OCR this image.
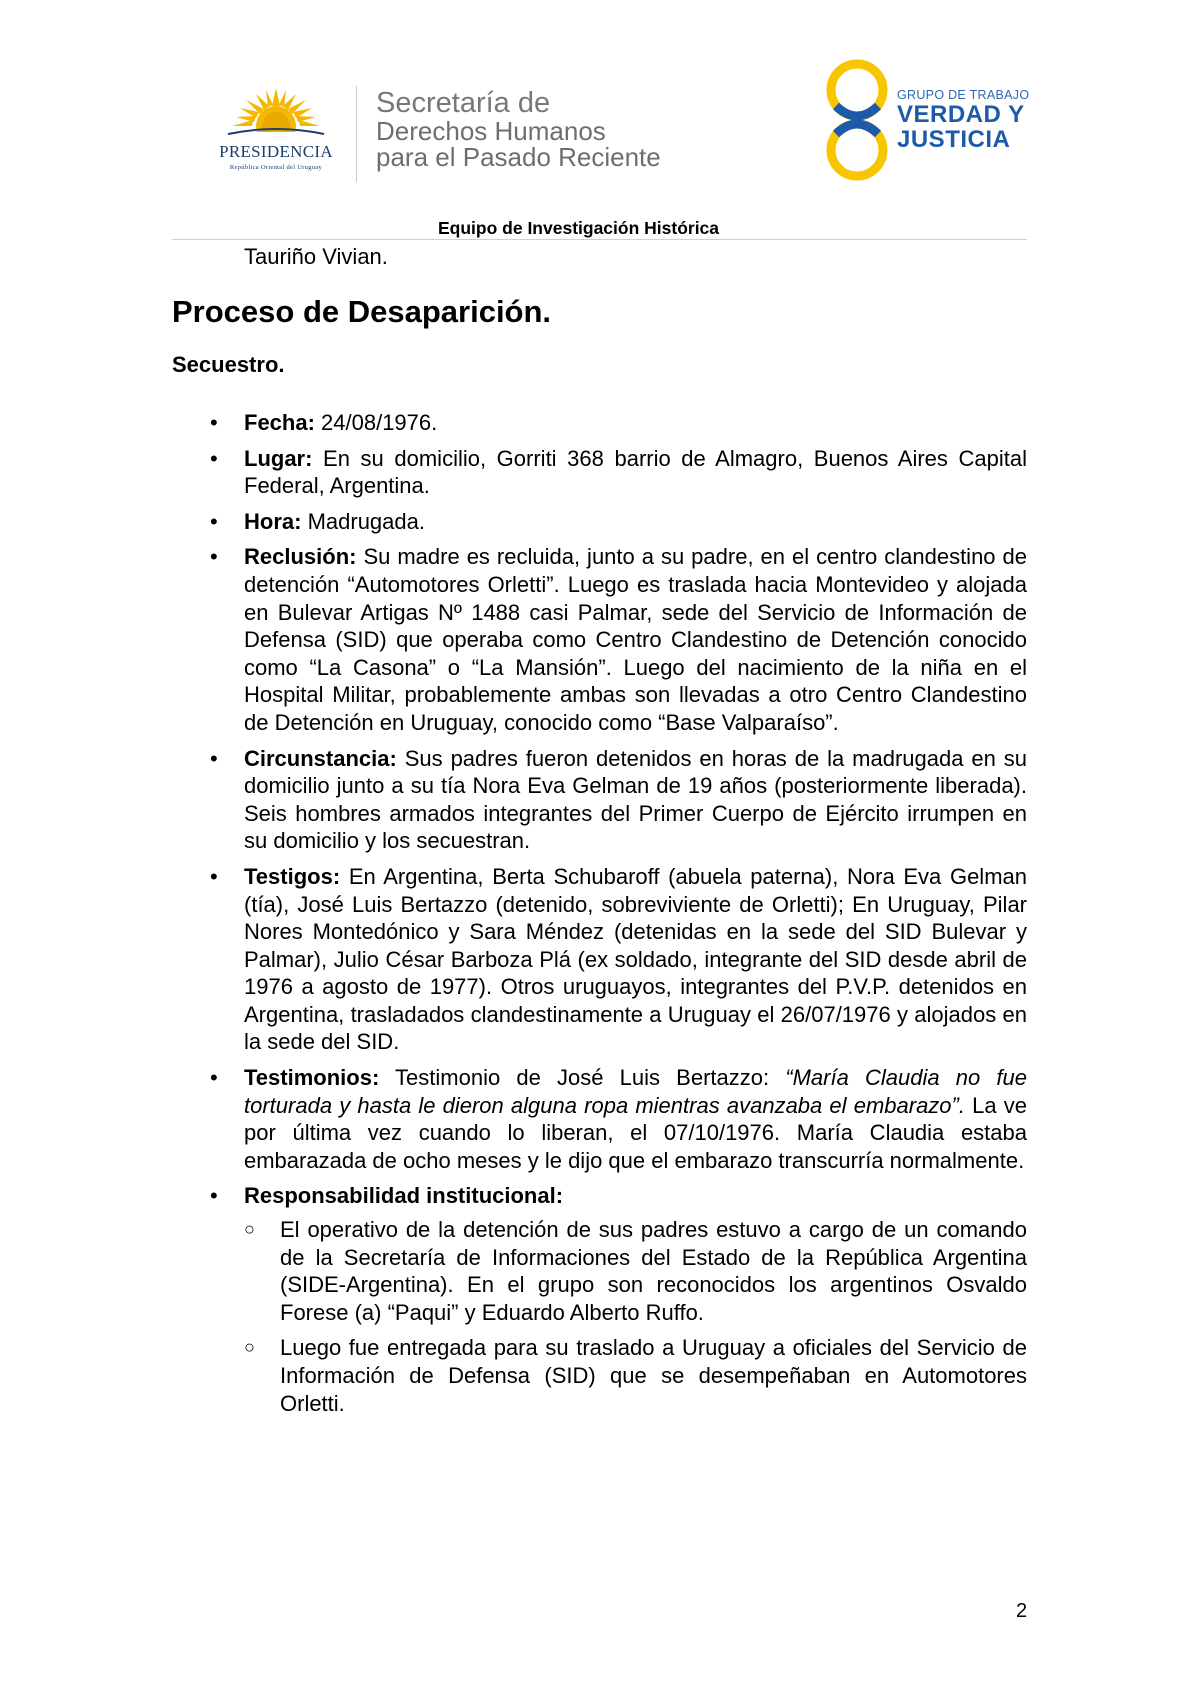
PRESIDENCIA
República Oriental del Uruguay
Secretaría de
Derechos Humanos
para el Pasado Reciente
GRUPO DE TRABAJO
VERDAD Y
JUSTICIA
Equipo de Investigación Histórica
Tauriño Vivian.
Proceso de Desaparición.
Secuestro.
• Fecha: 24/08/1976.
• Lugar: En su domicilio, Gorriti 368 barrio de Almagro, Buenos Aires Capital Federal, Argentina.
• Hora: Madrugada.
• Reclusión: Su madre es recluida, junto a su padre, en el centro clandestino de detención “Automotores Orletti”. Luego es traslada hacia Montevideo y alojada en Bulevar Artigas Nº 1488 casi Palmar, sede del Servicio de Información de Defensa (SID) que operaba como Centro Clandestino de Detención conocido como “La Casona” o “La Mansión”. Luego del nacimiento de la niña en el Hospital Militar, probablemente ambas son llevadas a otro Centro Clandestino de Detención en Uruguay, conocido como “Base Valparaíso”.
• Circunstancia: Sus padres fueron detenidos en horas de la madrugada en su domicilio junto a su tía Nora Eva Gelman de 19 años (posteriormente liberada). Seis hombres armados integrantes del Primer Cuerpo de Ejército irrumpen en su domicilio y los secuestran.
• Testigos: En Argentina, Berta Schubaroff (abuela paterna), Nora Eva Gelman (tía), José Luis Bertazzo (detenido, sobreviviente de Orletti); En Uruguay, Pilar Nores Montedónico y Sara Méndez (detenidas en la sede del SID Bulevar y Palmar), Julio César Barboza Plá (ex soldado, integrante del SID desde abril de 1976 a agosto de 1977). Otros uruguayos, integrantes del P.V.P. detenidos en Argentina, trasladados clandestinamente a Uruguay el 26/07/1976 y alojados en la sede del SID.
• Testimonios: Testimonio de José Luis Bertazzo: “María Claudia no fue torturada y hasta le dieron alguna ropa mientras avanzaba el embarazo”. La ve por última vez cuando lo liberan, el 07/10/1976. María Claudia estaba embarazada de ocho meses y le dijo que el embarazo transcurría normalmente.
• Responsabilidad institucional:
○ El operativo de la detención de sus padres estuvo a cargo de un comando de la Secretaría de Informaciones del Estado de la República Argentina (SIDE-Argentina). En el grupo son reconocidos los argentinos Osvaldo Forese (a) “Paqui” y Eduardo Alberto Ruffo.
○ Luego fue entregada para su traslado a Uruguay a oficiales del Servicio de Información de Defensa (SID) que se desempeñaban en Automotores Orletti.
2
